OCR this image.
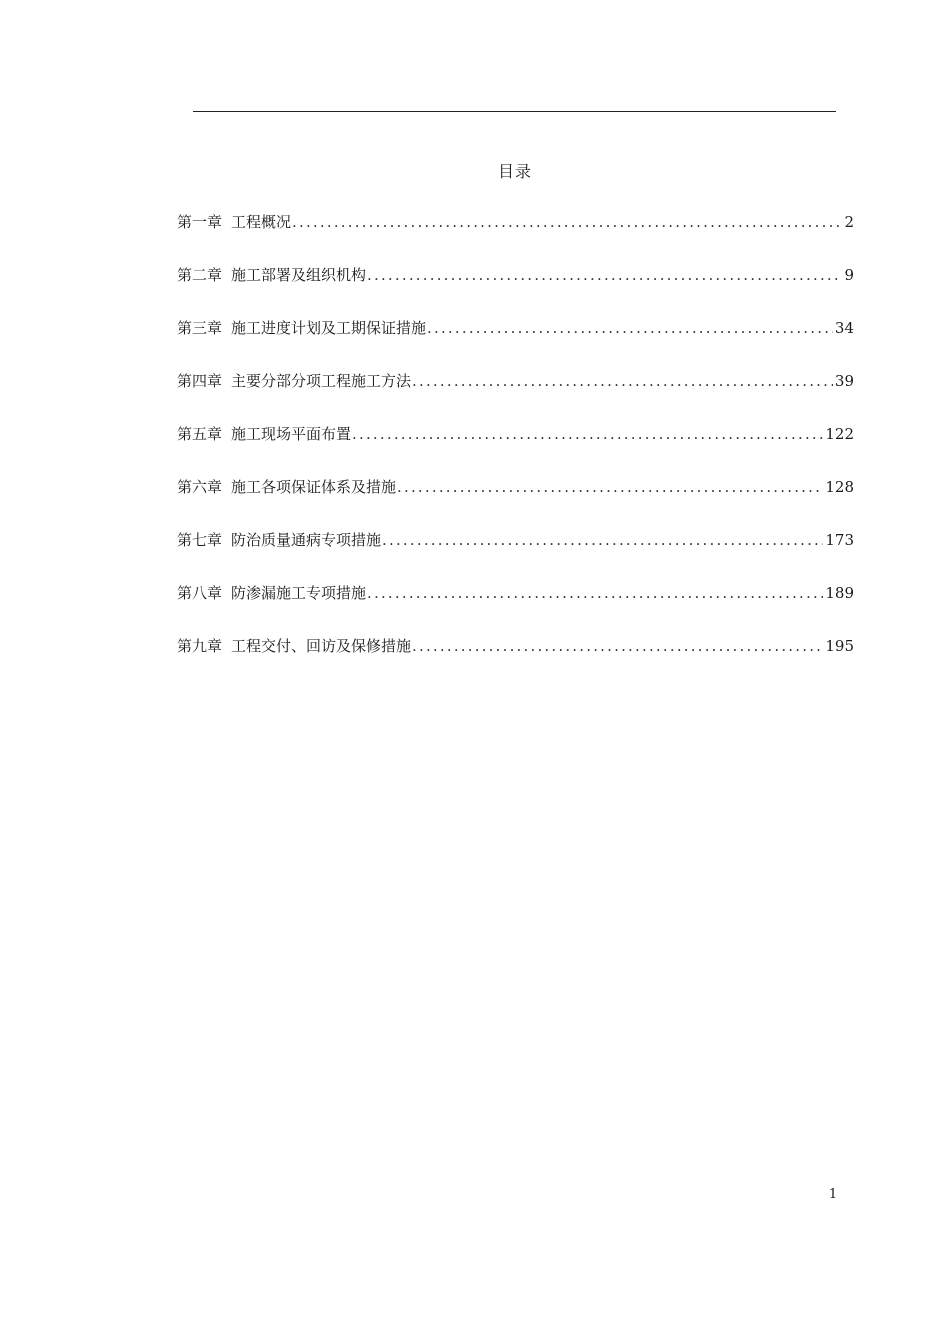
目录
第一章 工程概况 .....	2
第二章 施工部署及组织机构 .....	9
第三章 施工进度计划及工期保证措施 .....	34
第四章 主要分部分项工程施工方法 .....	39
第五章 施工现场平面布置 .....	122
第六章 施工各项保证体系及措施 .....	128
第七章 防治质量通病专项措施 .....	173
第八章 防渗漏施工专项措施 .....	189
第九章 工程交付、回访及保修措施 .....	195
1
